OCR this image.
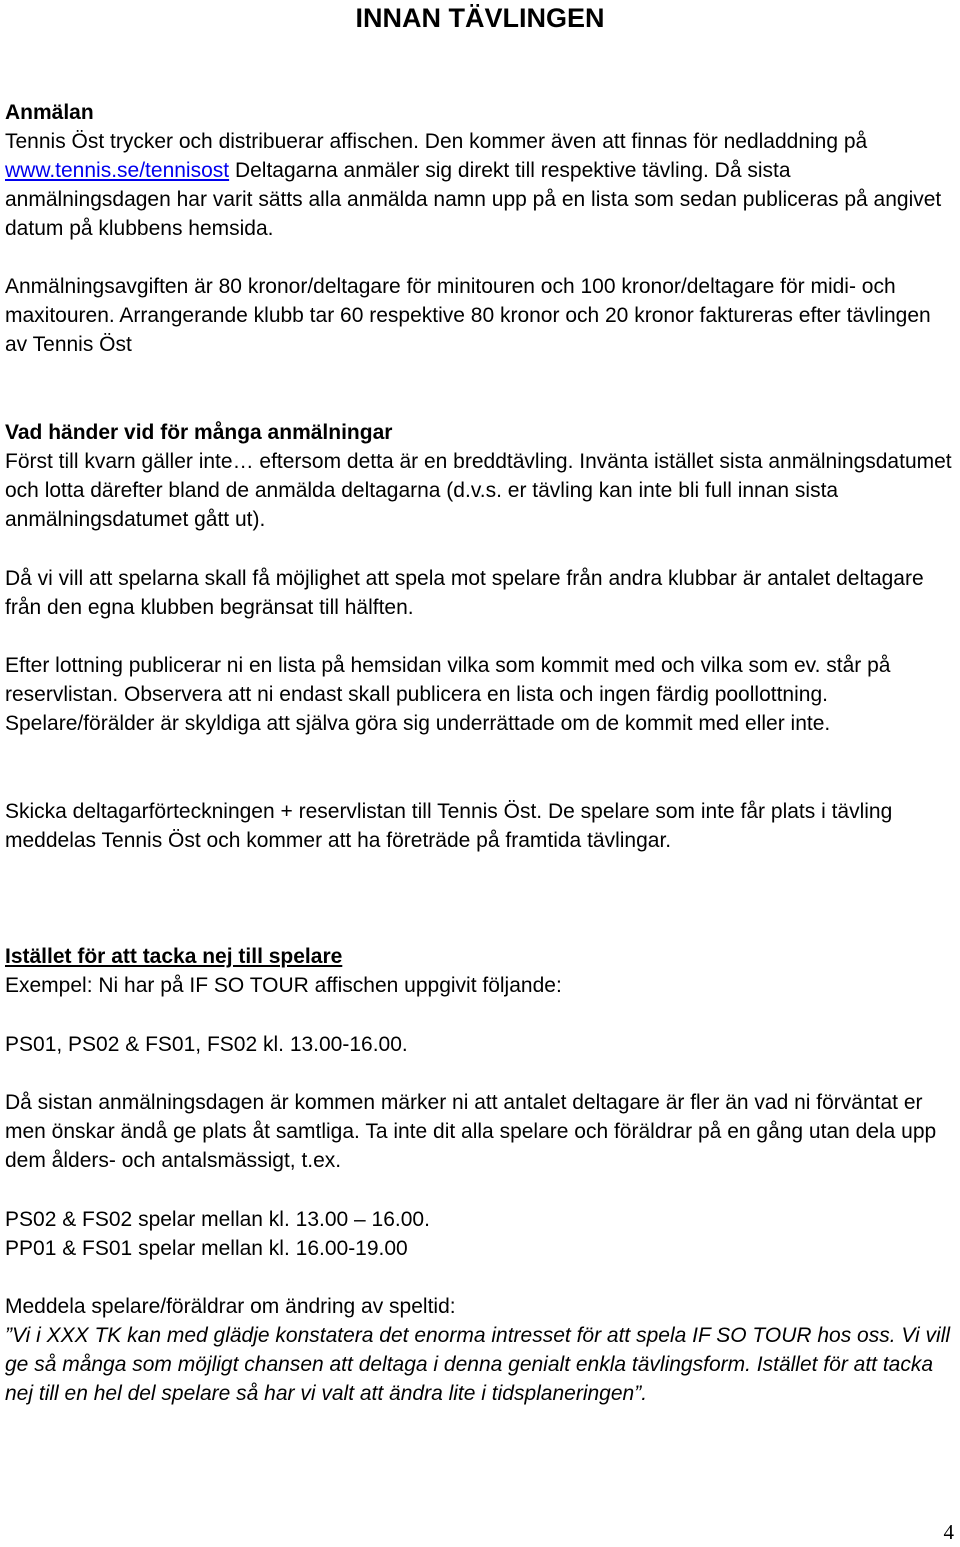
INNAN TÄVLINGEN
Anmälan
Tennis Öst trycker och distribuerar affischen. Den kommer även att finnas för nedladdning på www.tennis.se/tennisost Deltagarna anmäler sig direkt till respektive tävling. Då sista anmälningsdagen har varit sätts alla anmälda namn upp på en lista som sedan publiceras på angivet datum på klubbens hemsida.
Anmälningsavgiften är 80 kronor/deltagare för minitouren och 100 kronor/deltagare för midi- och maxitouren. Arrangerande klubb tar 60 respektive 80 kronor och 20 kronor faktureras efter tävlingen av Tennis Öst
Vad händer vid för många anmälningar
Först till kvarn gäller inte… eftersom detta är en breddtävling. Invänta istället sista anmälningsdatumet och lotta därefter bland de anmälda deltagarna (d.v.s. er tävling kan inte bli full innan sista anmälningsdatumet gått ut).
Då vi vill att spelarna skall få möjlighet att spela mot spelare från andra klubbar är antalet deltagare från den egna klubben begränsat till hälften.
Efter lottning publicerar ni en lista på hemsidan vilka som kommit med och vilka som ev. står på reservlistan. Observera att ni endast skall publicera en lista och ingen färdig poollottning. Spelare/förälder är skyldiga att själva göra sig underrättade om de kommit med eller inte.
Skicka deltagarförteckningen + reservlistan till Tennis Öst. De spelare som inte får plats i tävling meddelas Tennis Öst och kommer att ha företräde på framtida tävlingar.
Istället för att tacka nej till spelare
Exempel: Ni har på IF SO TOUR affischen uppgivit följande:
PS01, PS02 & FS01, FS02 kl. 13.00-16.00.
Då sistan anmälningsdagen är kommen märker ni att antalet deltagare är fler än vad ni förväntat er men önskar ändå ge plats åt samtliga. Ta inte dit alla spelare och föräldrar på en gång utan dela upp dem ålders- och antalsmässigt, t.ex.
PS02 & FS02 spelar mellan kl. 13.00 – 16.00.
PP01 & FS01 spelar mellan kl. 16.00-19.00
Meddela spelare/föräldrar om ändring av speltid:
”Vi i XXX TK kan med glädje konstatera det enorma intresset för att spela IF SO TOUR hos oss. Vi vill ge så många som möjligt chansen att deltaga i denna genialt enkla tävlingsform. Istället för att tacka nej till en hel del spelare så har vi valt att ändra lite i tidsplaneringen”.
4
